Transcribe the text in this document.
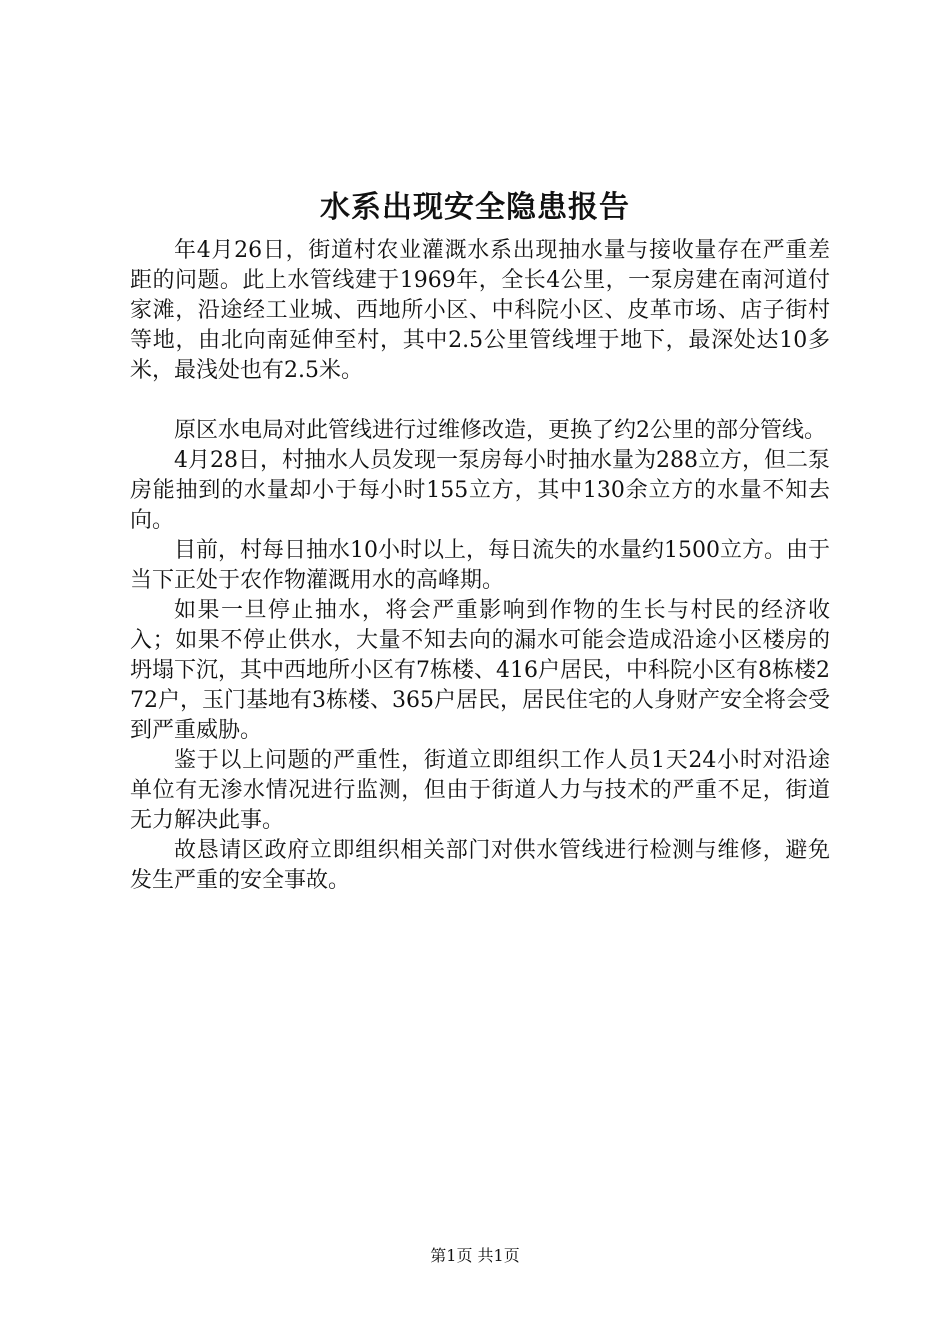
水系出现安全隐患报告

年4月26日，街道村农业灌溉水系出现抽水量与接收量存在严重差距的问题。此上水管线建于1969年，全长4公里，一泵房建在南河道付家滩，沿途经工业城、西地所小区、中科院小区、皮革市场、店子街村等地，由北向南延伸至村，其中2.5公里管线埋于地下，最深处达10多米，最浅处也有2.5米。

原区水电局对此管线进行过维修改造，更换了约2公里的部分管线。

4月28日，村抽水人员发现一泵房每小时抽水量为288立方，但二泵房能抽到的水量却小于每小时155立方，其中130余立方的水量不知去向。

目前，村每日抽水10小时以上，每日流失的水量约1500立方。由于当下正处于农作物灌溉用水的高峰期。

如果一旦停止抽水，将会严重影响到作物的生长与村民的经济收入；如果不停止供水，大量不知去向的漏水可能会造成沿途小区楼房的坍塌下沉，其中西地所小区有7栋楼、416户居民，中科院小区有8栋楼272户，玉门基地有3栋楼、365户居民，居民住宅的人身财产安全将会受到严重威胁。

鉴于以上问题的严重性，街道立即组织工作人员1天24小时对沿途单位有无渗水情况进行监测，但由于街道人力与技术的严重不足，街道无力解决此事。

故恳请区政府立即组织相关部门对供水管线进行检测与维修，避免发生严重的安全事故。

第1页 共1页
